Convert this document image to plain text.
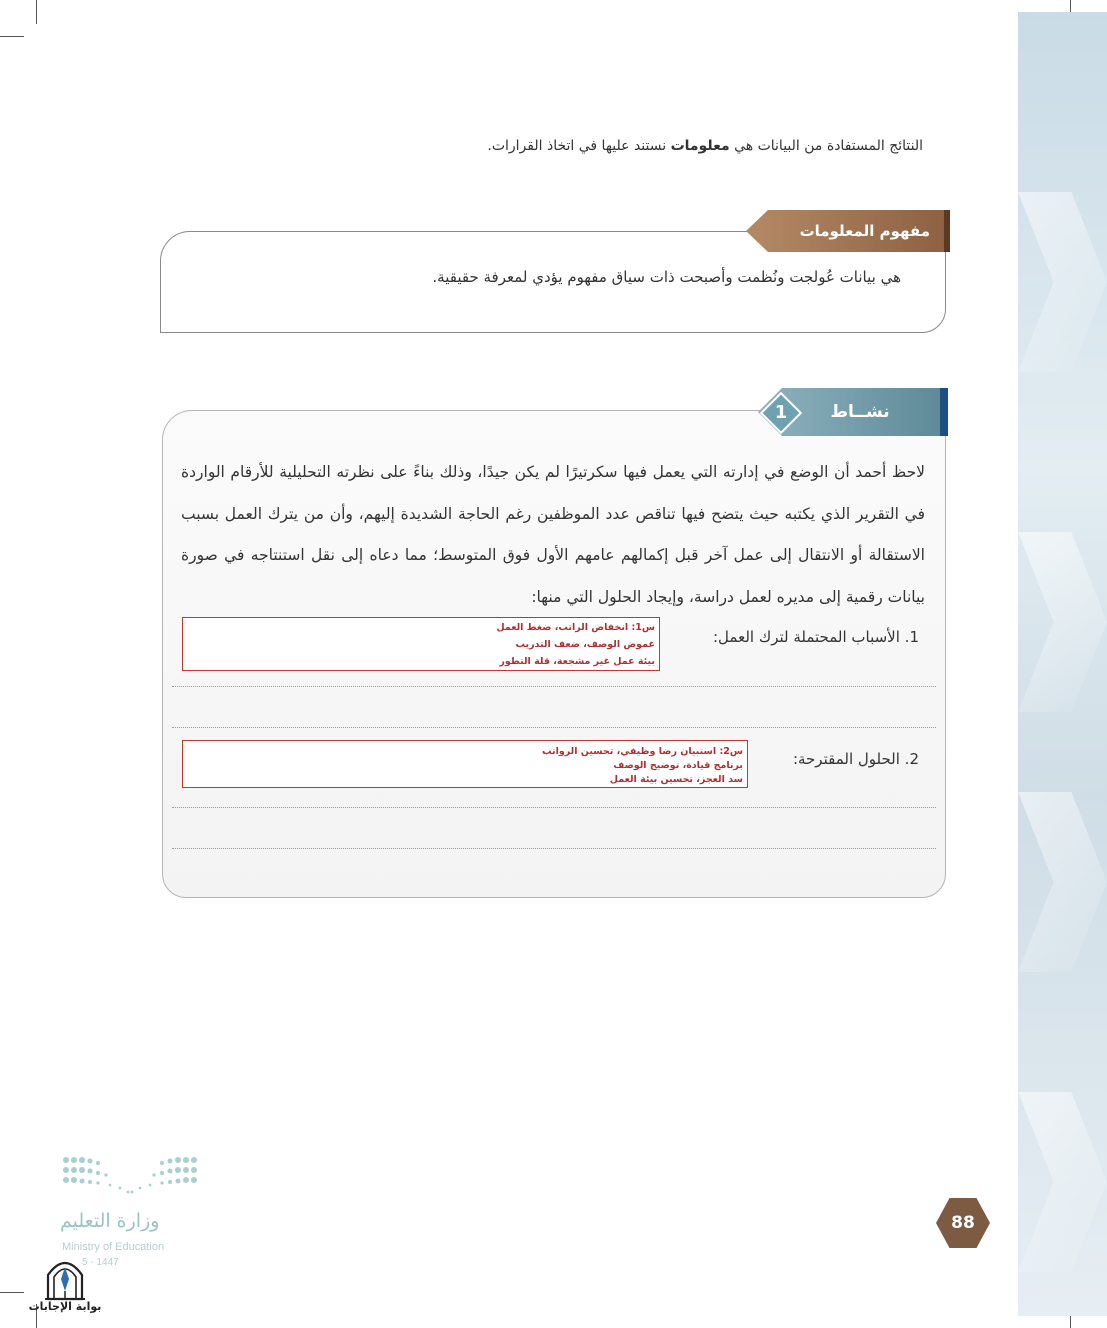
النتائج المستفادة من البيانات هي معلومات نستند عليها في اتخاذ القرارات.

هي بيانات عُولجت ونُظمت وأصبحت ذات سياق مفهوم يؤدي لمعرفة حقيقية.

مفهوم المعلومات
نشــاط
1
لاحظ أحمد أن الوضع في إدارته التي يعمل فيها سكرتيرًا لم يكن جيدًا، وذلك بناءً على نظرته التحليلية للأرقام الواردة في التقرير الذي يكتبه حيث يتضح فيها تناقص عدد الموظفين رغم الحاجة الشديدة إليهم، وأن من يترك العمل بسبب الاستقالة أو الانتقال إلى عمل آخر قبل إكمالهم عامهم الأول فوق المتوسط؛ مما دعاه إلى نقل استنتاجه في صورة بيانات رقمية إلى مديره لعمل دراسة، وإيجاد الحلول التي منها:
1. الأسباب المحتملة لترك العمل:
س1: انخفاض الراتب، ضغط العمل
غموض الوصف، ضعف التدريب
بيئة عمل غير مشجعة، قلة التطور
2. الحلول المقترحة:
س2: استبيان رضا وظيفي، تحسين الرواتب
برنامج قيادة، توضيح الوصف
سد العجز، تحسين بيئة العمل
88
وزارة التعليم
Ministry of Education
5 - 1447
بوابة الإجابات
